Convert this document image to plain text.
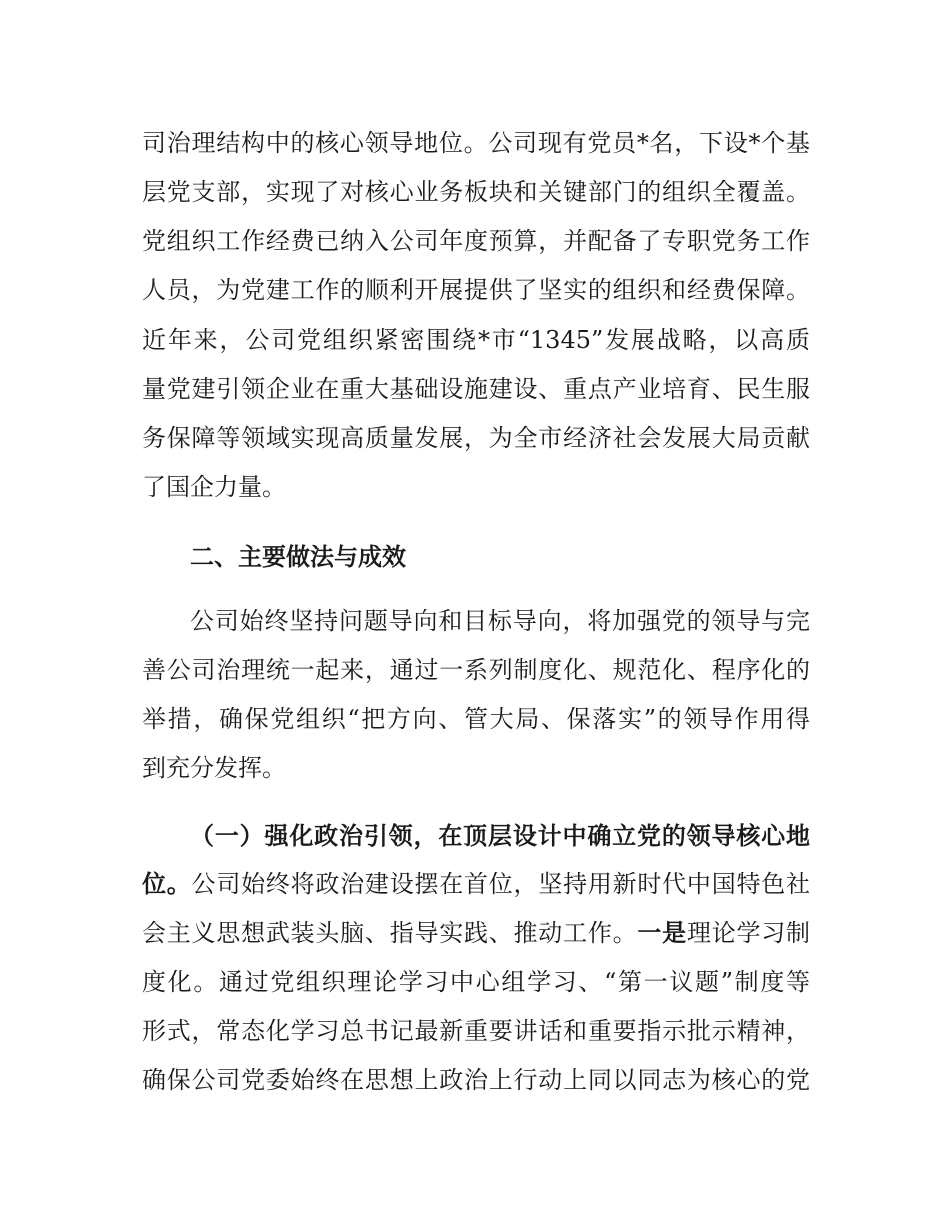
司治理结构中的核心领导地位。公司现有党员*名，下设*个基
层党支部，实现了对核心业务板块和关键部门的组织全覆盖。
党组织工作经费已纳入公司年度预算，并配备了专职党务工作
人员，为党建工作的顺利开展提供了坚实的组织和经费保障。
近年来，公司党组织紧密围绕*市“1345”发展战略，以高质
量党建引领企业在重大基础设施建设、重点产业培育、民生服
务保障等领域实现高质量发展，为全市经济社会发展大局贡献
了国企力量。
二、主要做法与成效
公司始终坚持问题导向和目标导向，将加强党的领导与完
善公司治理统一起来，通过一系列制度化、规范化、程序化的
举措，确保党组织“把方向、管大局、保落实”的领导作用得
到充分发挥。
（一）强化政治引领，在顶层设计中确立党的领导核心地
位。公司始终将政治建设摆在首位，坚持用新时代中国特色社
会主义思想武装头脑、指导实践、推动工作。一是理论学习制
度化。通过党组织理论学习中心组学习、“第一议题”制度等
形式，常态化学习总书记最新重要讲话和重要指示批示精神，
确保公司党委始终在思想上政治上行动上同以同志为核心的党
